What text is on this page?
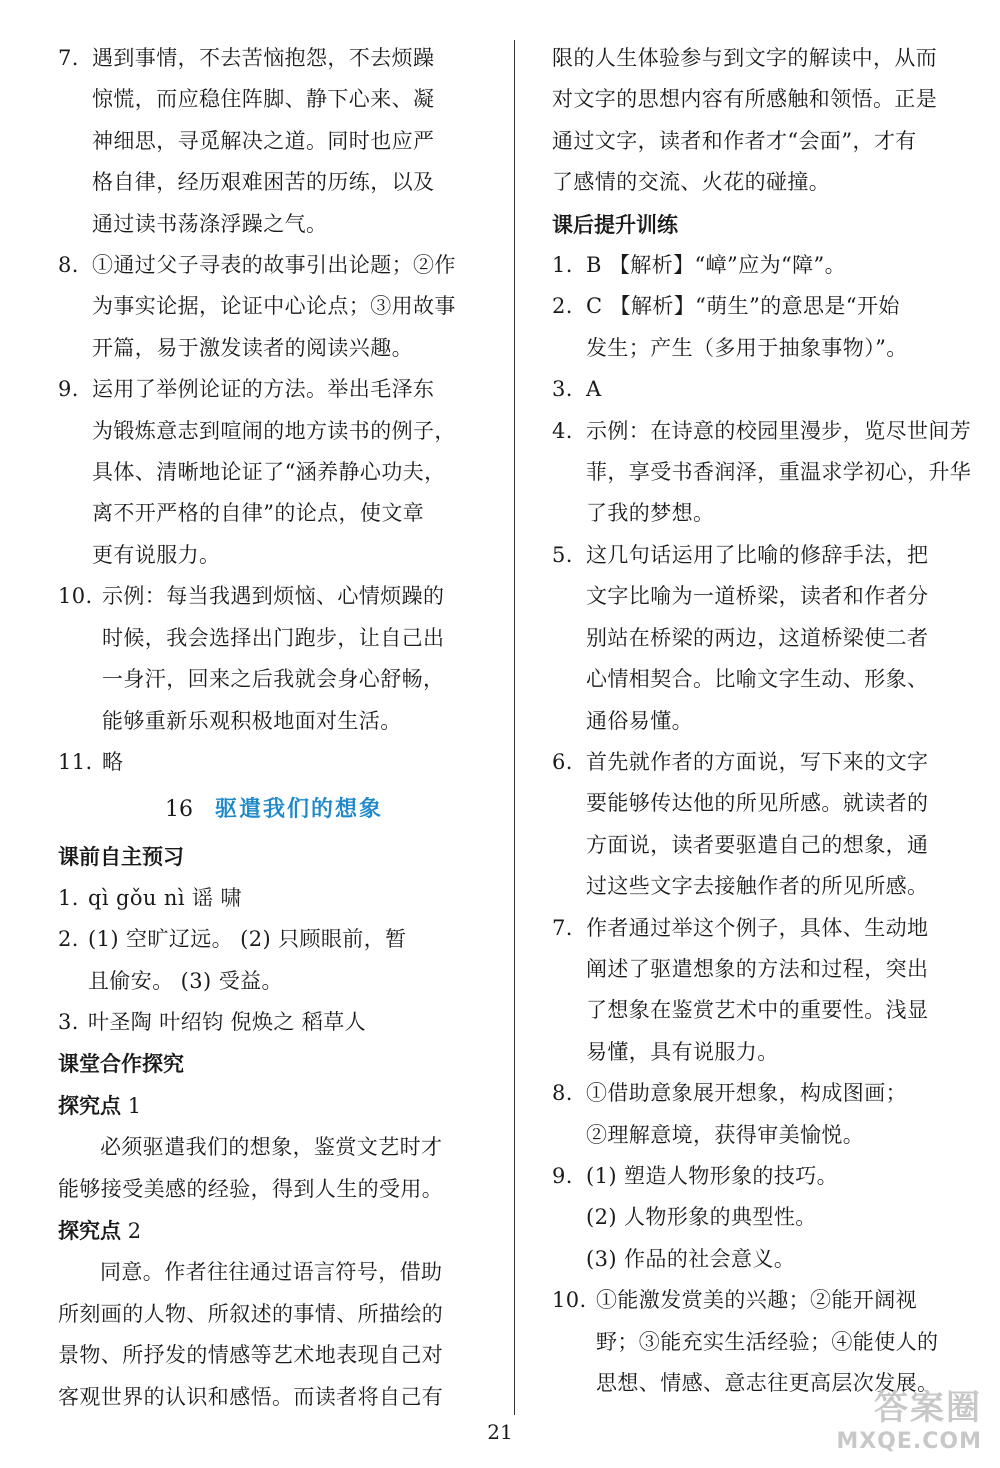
7. 遇到事情，不去苦恼抱怨，不去烦躁
惊慌，而应稳住阵脚、静下心来、凝
神细思，寻觅解决之道。同时也应严
格自律，经历艰难困苦的历练，以及
通过读书荡涤浮躁之气。
8. ①通过父子寻表的故事引出论题；②作
为事实论据，论证中心论点；③用故事
开篇，易于激发读者的阅读兴趣。
9. 运用了举例论证的方法。举出毛泽东
为锻炼意志到喧闹的地方读书的例子，
具体、清晰地论证了“涵养静心功夫，
离不开严格的自律”的论点，使文章
更有说服力。
10. 示例：每当我遇到烦恼、心情烦躁的
时候，我会选择出门跑步，让自己出
一身汗，回来之后我就会身心舒畅，
能够重新乐观积极地面对生活。
11. 略

16 驱遣我们的想象

课前自主预习

1. qì gǒu nì 谣 啸
2. (1) 空旷辽远。 (2) 只顾眼前，暂
且偷安。 (3) 受益。
3. 叶圣陶 叶绍钧 倪焕之 稻草人

课堂合作探究

探究点 1

必须驱遣我们的想象，鉴赏文艺时才

能够接受美感的经验，得到人生的受用。

探究点 2

同意。作者往往通过语言符号，借助

所刻画的人物、所叙述的事情、所描绘的

景物、所抒发的情感等艺术地表现自己对

客观世界的认识和感悟。而读者将自己有

限的人生体验参与到文字的解读中，从而

对文字的思想内容有所感触和领悟。正是

通过文字，读者和作者才“会面”，才有

了感情的交流、火花的碰撞。

课后提升训练

1. B 【解析】“嶂”应为“障”。
2. C 【解析】“萌生”的意思是“开始
发生；产生（多用于抽象事物）”。
3. A
4. 示例：在诗意的校园里漫步，览尽世间芳
菲，享受书香润泽，重温求学初心，升华
了我的梦想。
5. 这几句话运用了比喻的修辞手法，把
文字比喻为一道桥梁，读者和作者分
别站在桥梁的两边，这道桥梁使二者
心情相契合。比喻文字生动、形象、
通俗易懂。
6. 首先就作者的方面说，写下来的文字
要能够传达他的所见所感。就读者的
方面说，读者要驱遣自己的想象，通
过这些文字去接触作者的所见所感。
7. 作者通过举这个例子，具体、生动地
阐述了驱遣想象的方法和过程，突出
了想象在鉴赏艺术中的重要性。浅显
易懂，具有说服力。
8. ①借助意象展开想象，构成图画；
②理解意境，获得审美愉悦。
9. (1) 塑造人物形象的技巧。
(2) 人物形象的典型性。
(3) 作品的社会意义。
10. ①能激发赏美的兴趣；②能开阔视
野；③能充实生活经验；④能使人的
思想、情感、意志往更高层次发展。
21
答案圈
MXQE.COM
